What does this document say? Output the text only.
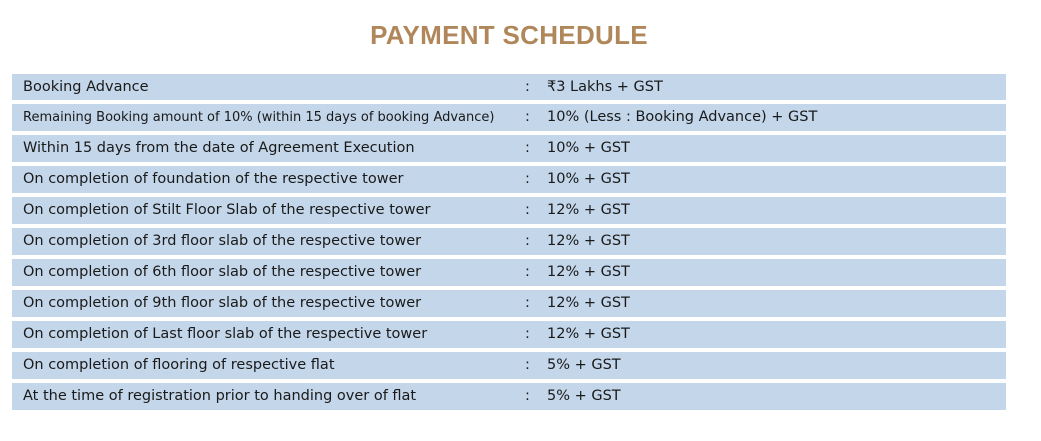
PAYMENT SCHEDULE
Booking Advance	: ₹3 Lakhs + GST
Remaining Booking amount of 10% (within 15 days of booking Advance) : 10% (Less : Booking Advance) + GST
Within 15 days from the date of Agreement Execution	: 10% + GST
On completion of foundation of the respective tower	: 10% + GST
On completion of Stilt Floor Slab of the respective tower	: 12% + GST
On completion of 3rd floor slab of the respective tower	: 12% + GST
On completion of 6th floor slab of the respective tower	: 12% + GST
On completion of 9th floor slab of the respective tower	: 12% + GST
On completion of Last floor slab of the respective tower	: 12% + GST
On completion of flooring of respective flat	: 5% + GST
At the time of registration prior to handing over of flat	: 5% + GST
